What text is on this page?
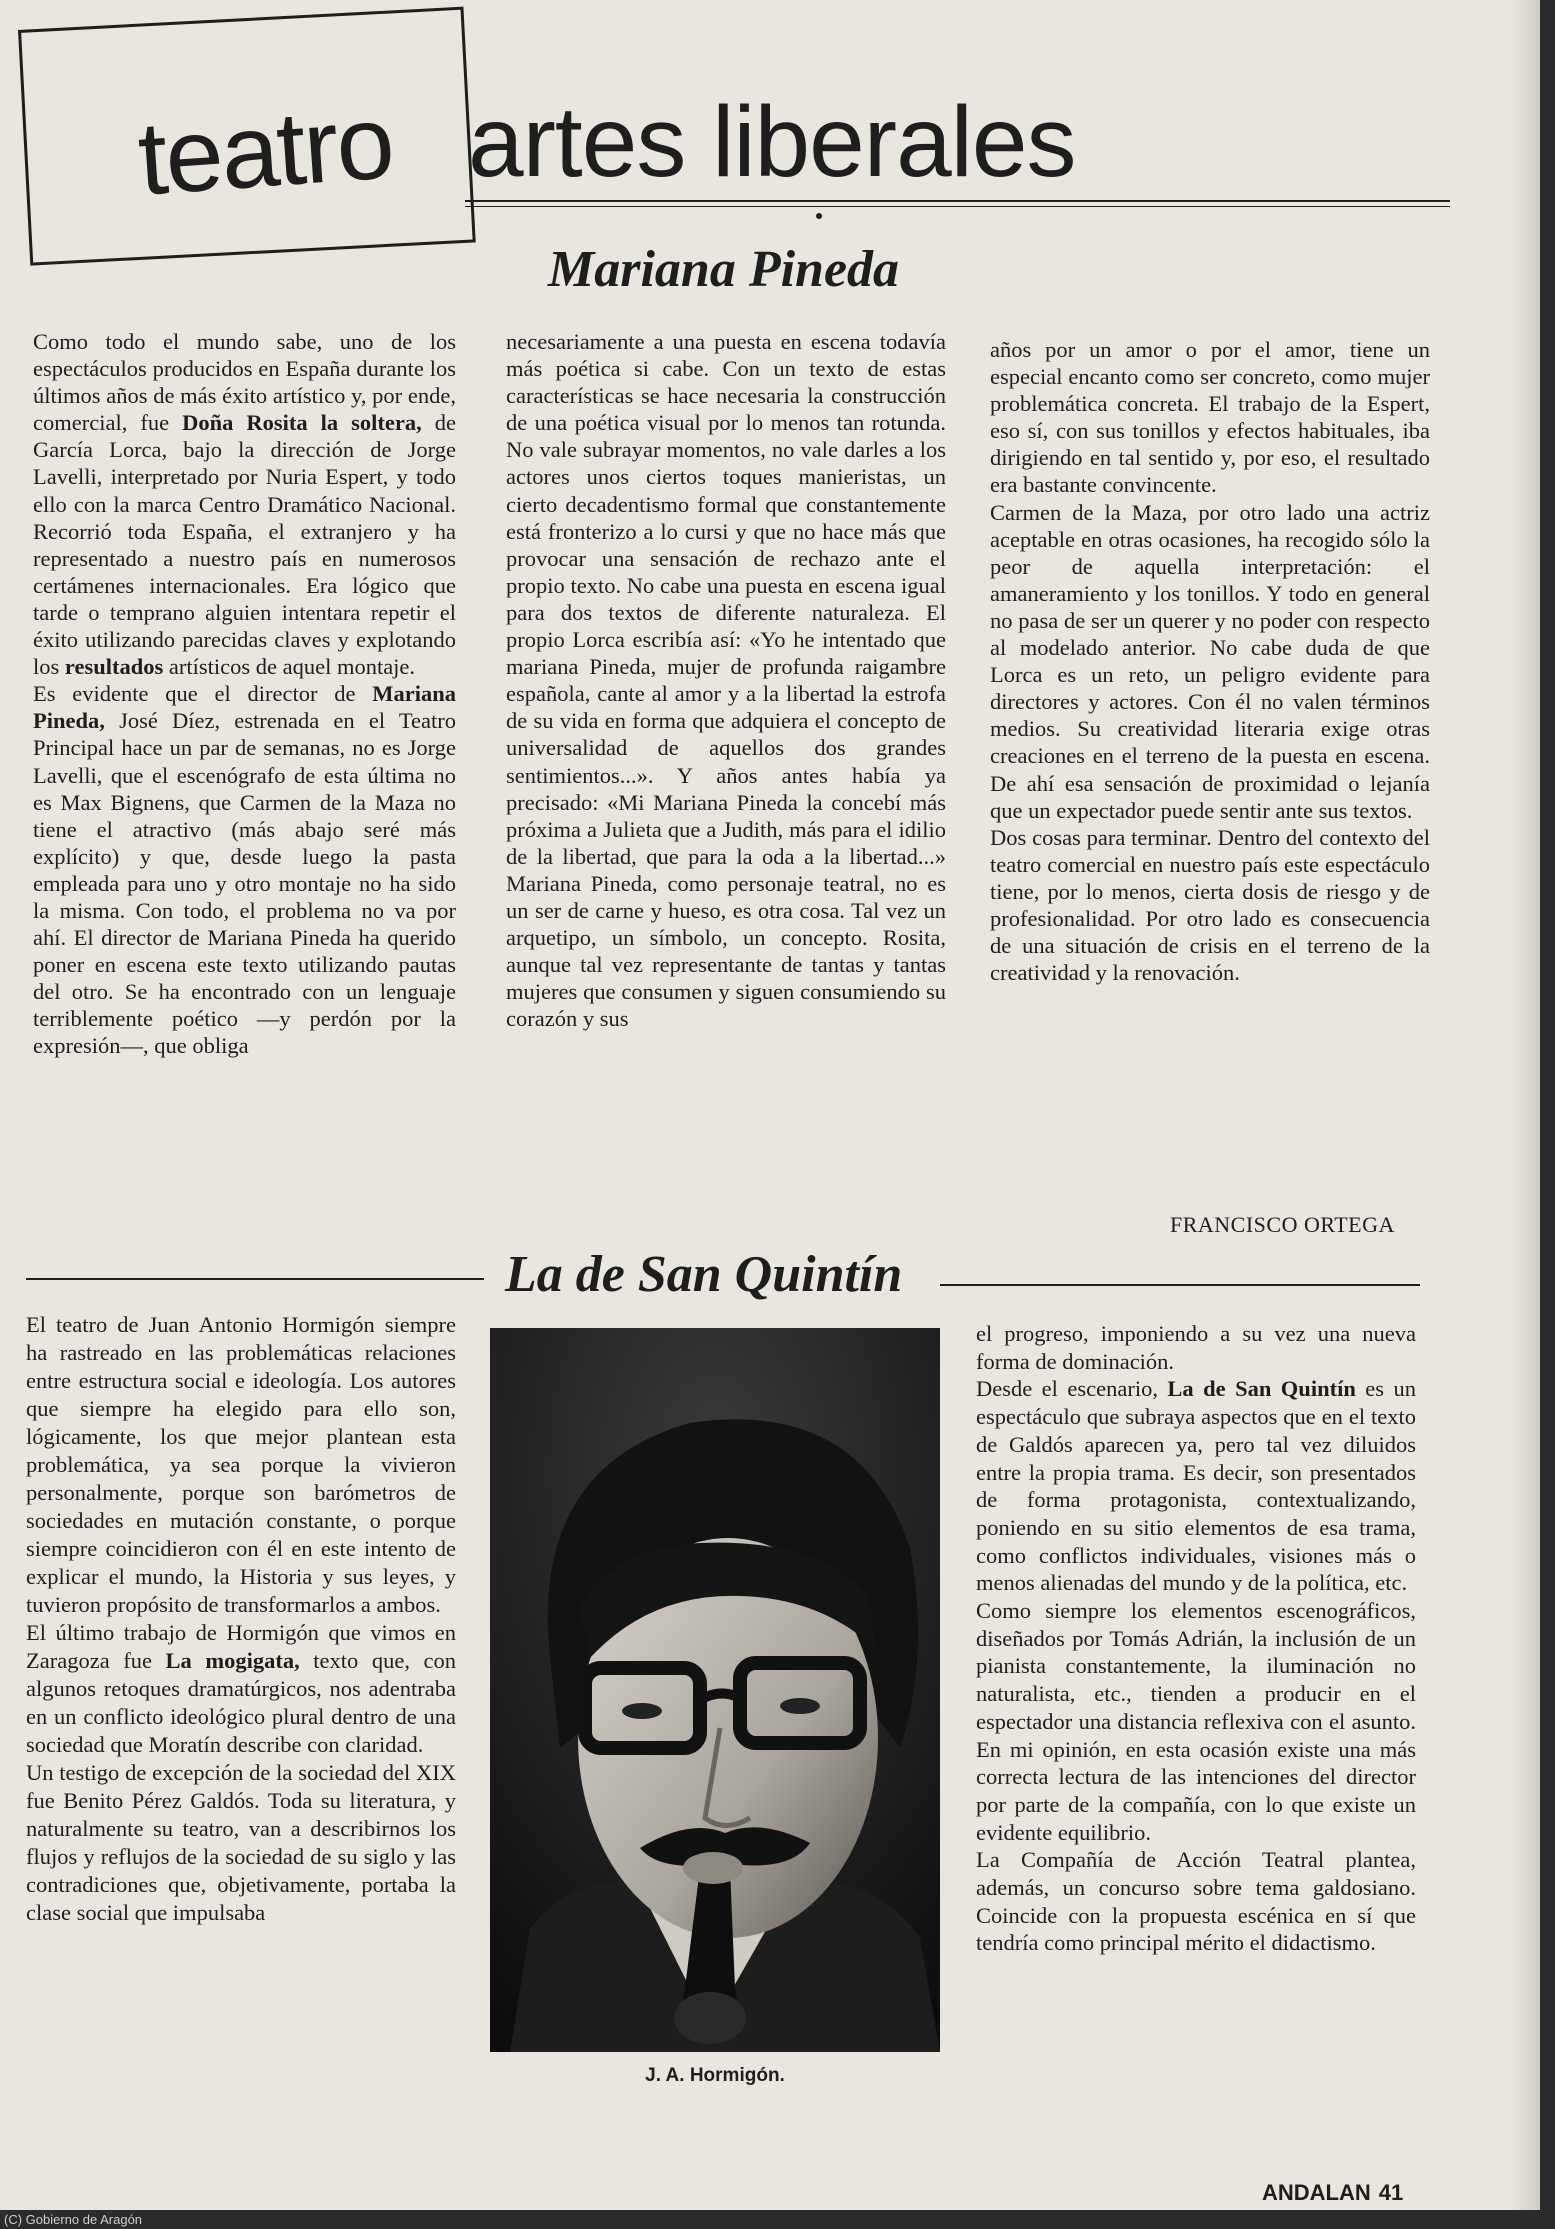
teatro artes liberales
Mariana Pineda

Como todo el mundo sabe, uno de los espectáculos producidos en España durante los últimos años de más éxito artístico y, por ende, comercial, fue Doña Rosita la soltera, de García Lorca, bajo la dirección de Jorge Lavelli, interpretado por Nuria Espert, y todo ello con la marca Centro Dramático Nacional. Recorrió toda España, el extranjero y ha representado a nuestro país en numerosos certámenes internacionales. Era lógico que tarde o temprano alguien intentara repetir el éxito utilizando parecidas claves y explotando los resultados artísticos de aquel montaje.
Es evidente que el director de Mariana Pineda, José Díez, estrenada en el Teatro Principal hace un par de semanas, no es Jorge Lavelli, que el escenógrafo de esta última no es Max Bignens, que Carmen de la Maza no tiene el atractivo (más abajo seré más explícito) y que, desde luego la pasta empleada para uno y otro montaje no ha sido la misma. Con todo, el problema no va por ahí. El director de Mariana Pineda ha querido poner en escena este texto utilizando pautas del otro. Se ha encontrado con un lenguaje terriblemente poético —y perdón por la expresión—, que obliga

necesariamente a una puesta en escena todavía más poética si cabe. Con un texto de estas características se hace necesaria la construcción de una poética visual por lo menos tan rotunda. No vale subrayar momentos, no vale darles a los actores unos ciertos toques manieristas, un cierto decadentismo formal que constantemente está fronterizo a lo cursi y que no hace más que provocar una sensación de rechazo ante el propio texto. No cabe una puesta en escena igual para dos textos de diferente naturaleza. El propio Lorca escribía así: «Yo he intentado que mariana Pineda, mujer de profunda raigambre española, cante al amor y a la libertad la estrofa de su vida en forma que adquiera el concepto de universalidad de aquellos dos grandes sentimientos...». Y años antes había ya precisado: «Mi Mariana Pineda la concebí más próxima a Julieta que a Judith, más para el idilio de la libertad, que para la oda a la libertad...» Mariana Pineda, como personaje teatral, no es un ser de carne y hueso, es otra cosa. Tal vez un arquetipo, un símbolo, un concepto. Rosita, aunque tal vez representante de tantas y tantas mujeres que consumen y siguen consumiendo su corazón y sus

años por un amor o por el amor, tiene un especial encanto como ser concreto, como mujer problemática concreta. El trabajo de la Espert, eso sí, con sus tonillos y efectos habituales, iba dirigiendo en tal sentido y, por eso, el resultado era bastante convincente.

Carmen de la Maza, por otro lado una actriz aceptable en otras ocasiones, ha recogido sólo la peor de aquella interpretación: el amaneramiento y los tonillos. Y todo en general no pasa de ser un querer y no poder con respecto al modelado anterior. No cabe duda de que Lorca es un reto, un peligro evidente para directores y actores. Con él no valen términos medios. Su creatividad literaria exige otras creaciones en el terreno de la puesta en escena. De ahí esa sensación de proximidad o lejanía que un expectador puede sentir ante sus textos.

Dos cosas para terminar. Dentro del contexto del teatro comercial en nuestro país este espectáculo tiene, por lo menos, cierta dosis de riesgo y de profesionalidad. Por otro lado es consecuencia de una situación de crisis en el terreno de la creatividad y la renovación.

FRANCISCO ORTEGA
La de San Quintín

El teatro de Juan Antonio Hormigón siempre ha rastreado en las problemáticas relaciones entre estructura social e ideología. Los autores que siempre ha elegido para ello son, lógicamente, los que mejor plantean esta problemática, ya sea porque la vivieron personalmente, porque son barómetros de sociedades en mutación constante, o porque siempre coincidieron con él en este intento de explicar el mundo, la Historia y sus leyes, y tuvieron propósito de transformarlos a ambos.

El último trabajo de Hormigón que vimos en Zaragoza fue La mogigata, texto que, con algunos retoques dramatúrgicos, nos adentraba en un conflicto ideológico plural dentro de una sociedad que Moratín describe con claridad.

Un testigo de excepción de la sociedad del XIX fue Benito Pérez Galdós. Toda su literatura, y naturalmente su teatro, van a describirnos los flujos y reflujos de la sociedad de su siglo y las contradiciones que, objetivamente, portaba la clase social que impulsaba

J. A. Hormigón.

el progreso, imponiendo a su vez una nueva forma de dominación.

Desde el escenario, La de San Quintín es un espectáculo que subraya aspectos que en el texto de Galdós aparecen ya, pero tal vez diluidos entre la propia trama. Es decir, son presentados de forma protagonista, contextualizando, poniendo en su sitio elementos de esa trama, como conflictos individuales, visiones más o menos alienadas del mundo y de la política, etc.

Como siempre los elementos escenográficos, diseñados por Tomás Adrián, la inclusión de un pianista constantemente, la iluminación no naturalista, etc., tienden a producir en el espectador una distancia reflexiva con el asunto. En mi opinión, en esta ocasión existe una más correcta lectura de las intenciones del director por parte de la compañía, con lo que existe un evidente equilibrio.

La Compañía de Acción Teatral plantea, además, un concurso sobre tema galdosiano. Coincide con la propuesta escénica en sí que tendría como principal mérito el didactismo.

ANDALAN 41
(C) Gobierno de Aragón
